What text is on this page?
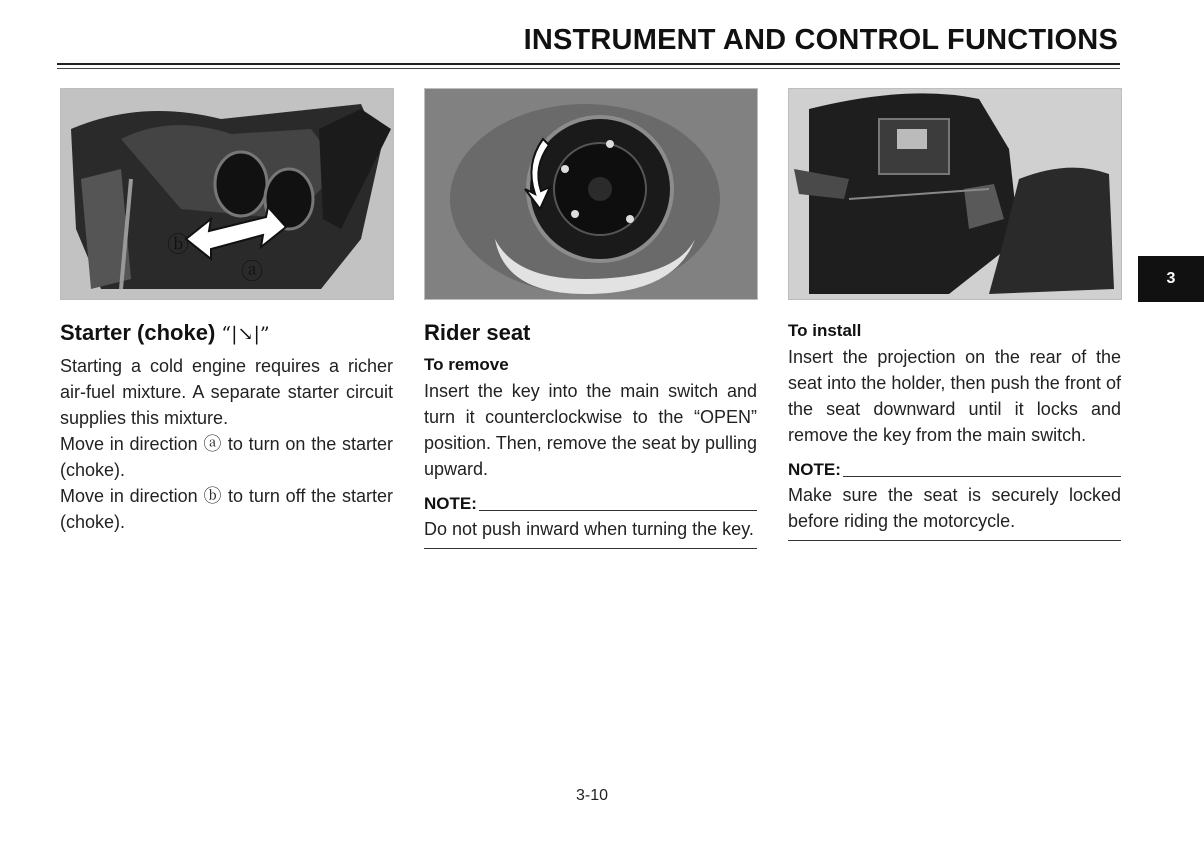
INSTRUMENT AND CONTROL FUNCTIONS
ⓑ
ⓐ
Starter (choke) “|↘|”

Starting a cold engine requires a richer air-fuel mixture. A separate starter circuit supplies this mixture.

Move in direction ⓐ to turn on the starter (choke).

Move in direction ⓑ to turn off the starter (choke).

Rider seat
To remove

Insert the key into the main switch and turn it counterclockwise to the “OPEN” position. Then, remove the seat by pulling upward.

NOTE:

Do not push inward when turning the key.

To install

Insert the projection on the rear of the seat into the holder, then push the front of the seat downward until it locks and remove the key from the main switch.

NOTE:

Make sure the seat is securely locked before riding the motorcycle.

3
3-10
